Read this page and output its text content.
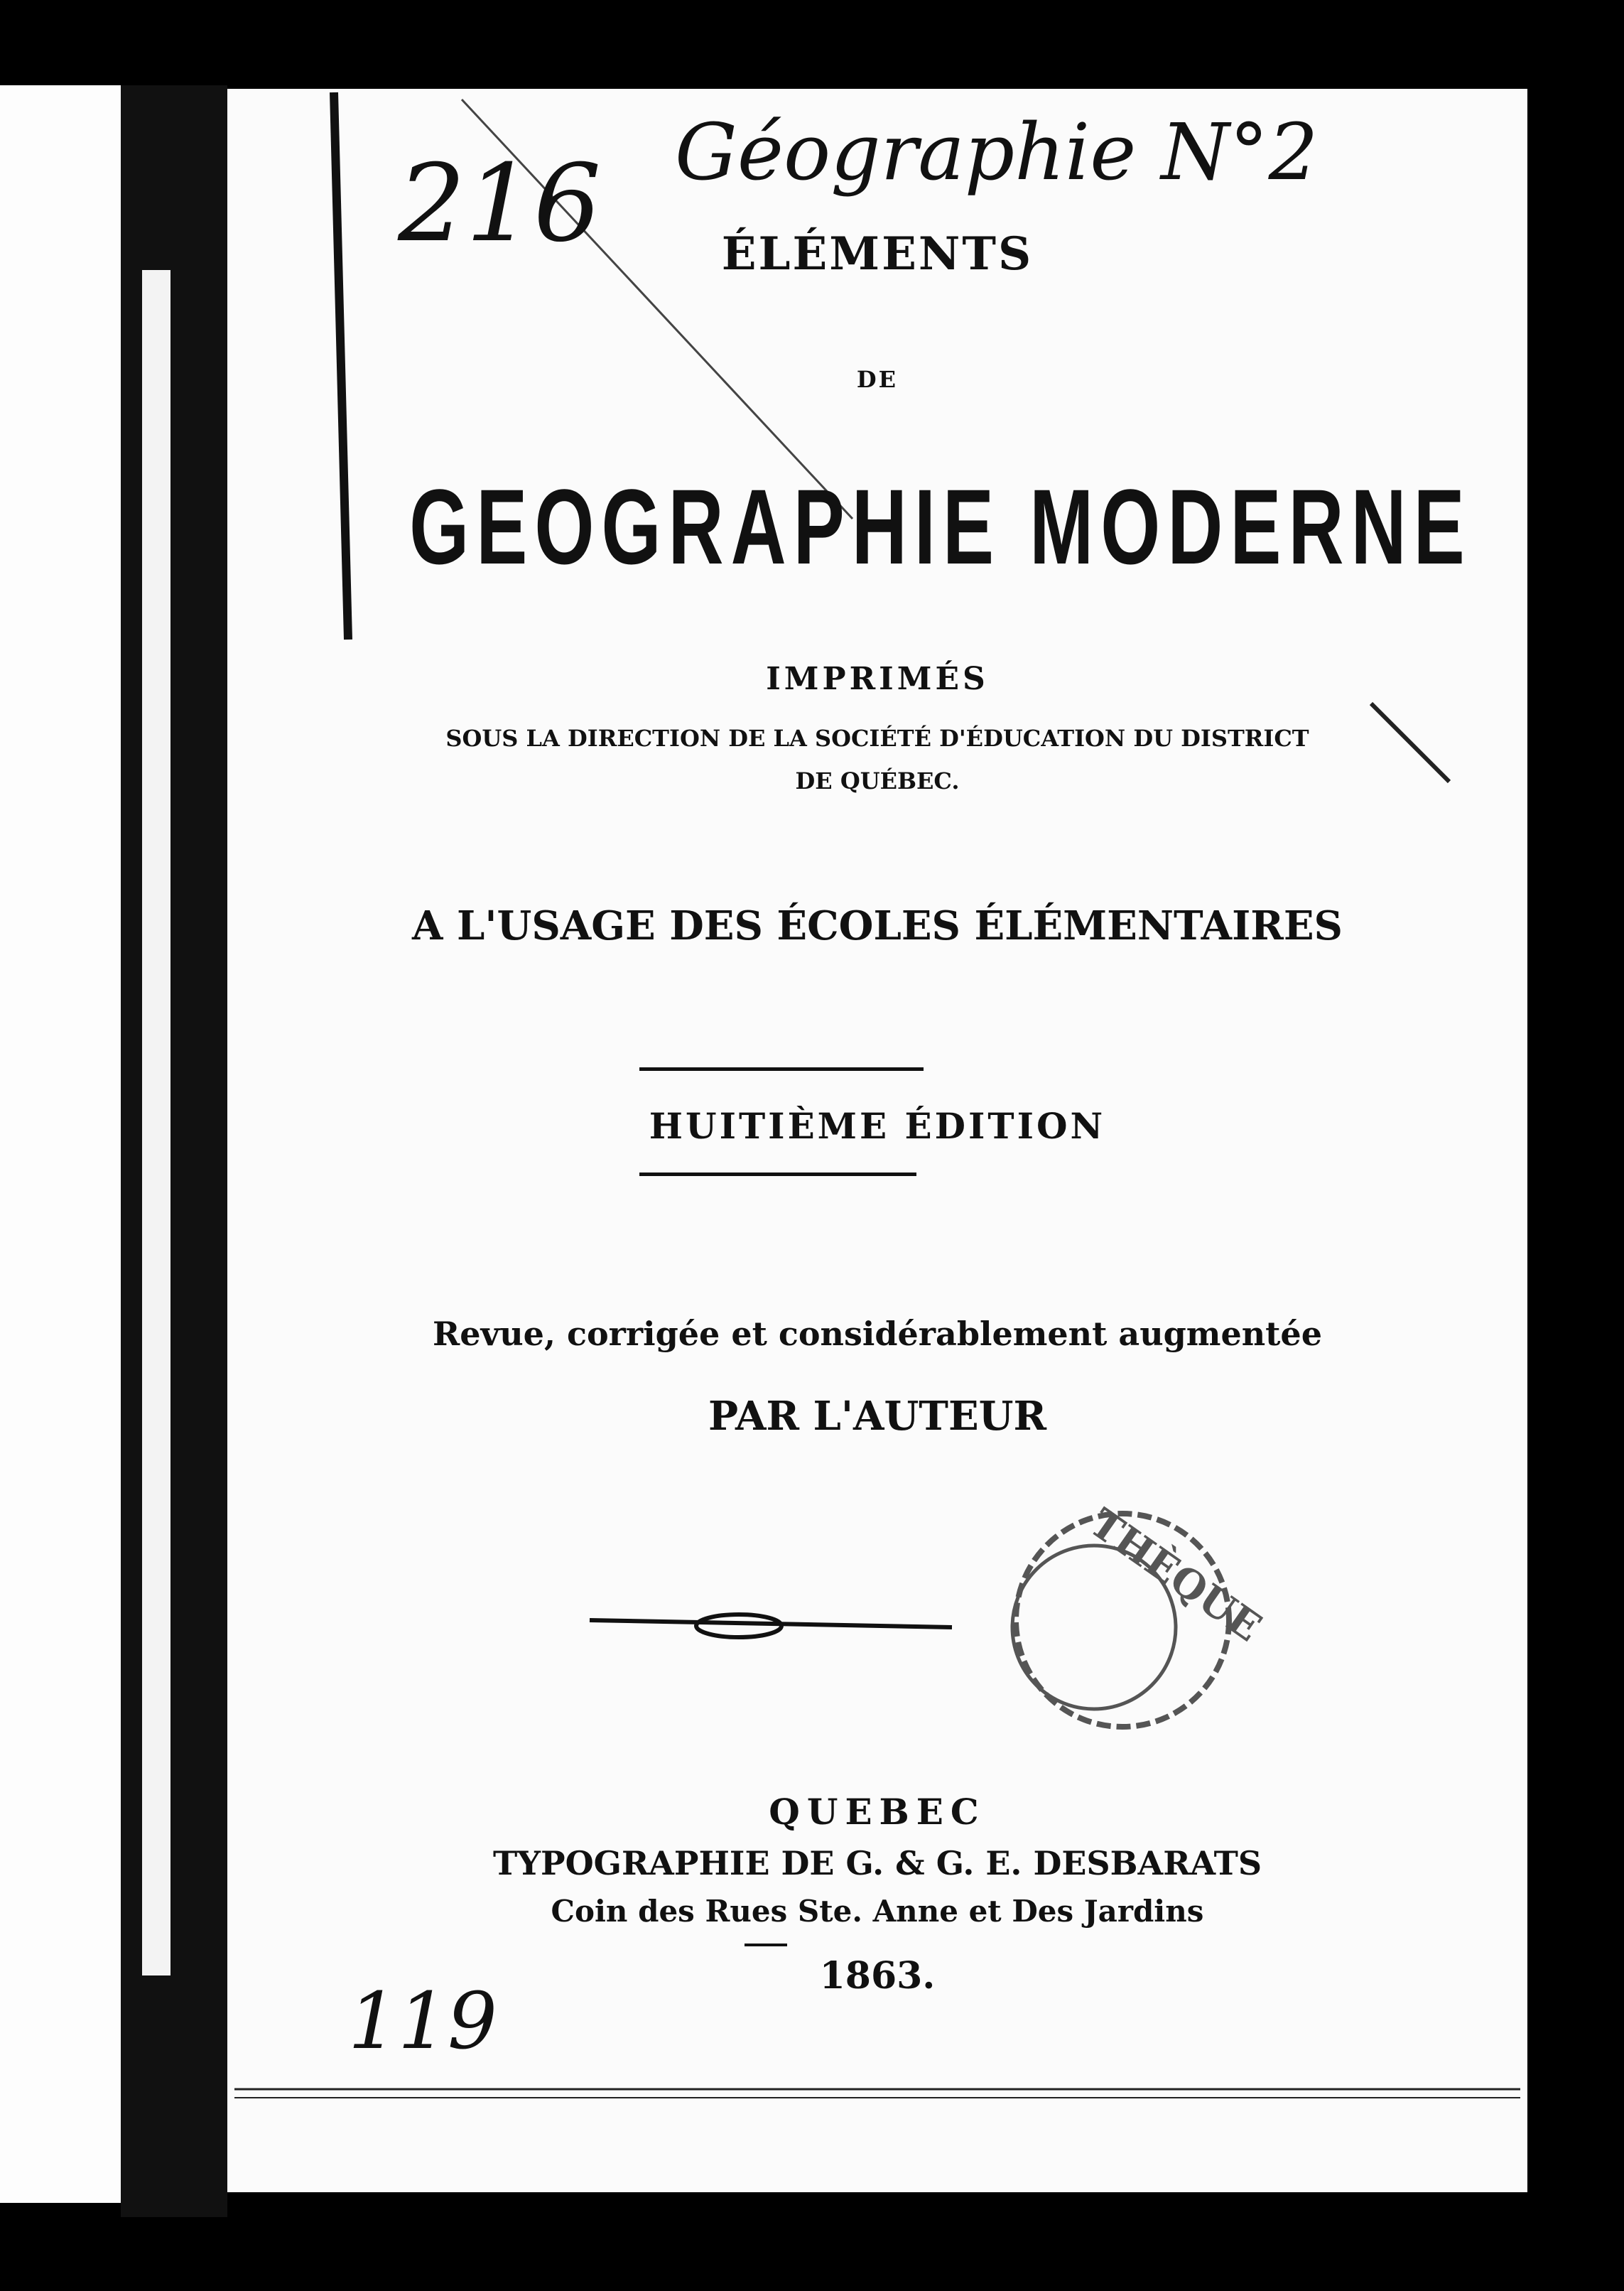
216 Géographie N°2
119
ÉLÉMENTS
DE
GEOGRAPHIE MODERNE
IMPRIMÉS
SOUS LA DIRECTION DE LA SOCIÉTÉ D'ÉDUCATION DU DISTRICT
DE QUÉBEC.
A L'USAGE DES ÉCOLES ÉLÉMENTAIRES
HUITIÈME ÉDITION
Revue, corrigée et considérablement augmentée
PAR L'AUTEUR
THÈQUE
QUEBEC
TYPOGRAPHIE DE G. & G. E. DESBARATS
Coin des Rues Ste. Anne et Des Jardins
1863.
